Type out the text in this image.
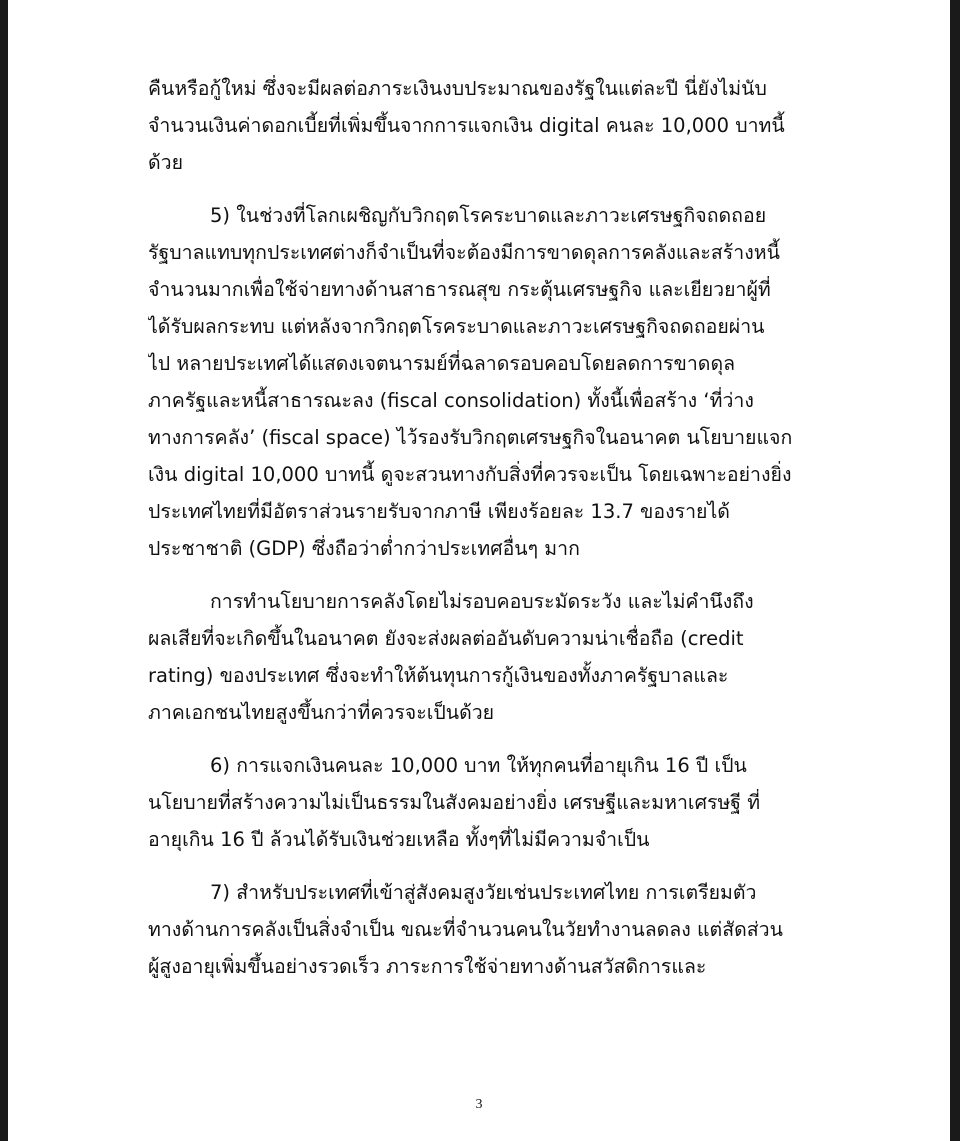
คืนหรือกู้ใหม่ ซึ่งจะมีผลต่อภาระเงินงบประมาณของรัฐในแต่ละปี นี่ยังไม่นับ

จำนวนเงินค่าดอกเบี้ยที่เพิ่มขึ้นจากการแจกเงิน digital คนละ 10,000 บาทนี้

ด้วย

5) ในช่วงที่โลกเผชิญกับวิกฤตโรคระบาดและภาวะเศรษฐกิจถดถอย

รัฐบาลแทบทุกประเทศต่างก็จำเป็นที่จะต้องมีการขาดดุลการคลังและสร้างหนี้

จำนวนมากเพื่อใช้จ่ายทางด้านสาธารณสุข กระตุ้นเศรษฐกิจ และเยียวยาผู้ที่

ได้รับผลกระทบ แต่หลังจากวิกฤตโรคระบาดและภาวะเศรษฐกิจถดถอยผ่าน

ไป หลายประเทศได้แสดงเจตนารมย์ที่ฉลาดรอบคอบโดยลดการขาดดุล

ภาครัฐและหนี้สาธารณะลง (fiscal consolidation) ทั้งนี้เพื่อสร้าง ‘ที่ว่าง

ทางการคลัง’ (fiscal space) ไว้รองรับวิกฤตเศรษฐกิจในอนาคต นโยบายแจก

เงิน digital 10,000 บาทนี้ ดูจะสวนทางกับสิ่งที่ควรจะเป็น โดยเฉพาะอย่างยิ่ง

ประเทศไทยที่มีอัตราส่วนรายรับจากภาษี เพียงร้อยละ 13.7 ของรายได้

ประชาชาติ (GDP) ซึ่งถือว่าต่ำกว่าประเทศอื่นๆ มาก

การทำนโยบายการคลังโดยไม่รอบคอบระมัดระวัง และไม่คำนึงถึง

ผลเสียที่จะเกิดขึ้นในอนาคต ยังจะส่งผลต่ออันดับความน่าเชื่อถือ (credit

rating) ของประเทศ ซึ่งจะทำให้ต้นทุนการกู้เงินของทั้งภาครัฐบาลและ

ภาคเอกชนไทยสูงขึ้นกว่าที่ควรจะเป็นด้วย

6) การแจกเงินคนละ 10,000 บาท ให้ทุกคนที่อายุเกิน 16 ปี เป็น

นโยบายที่สร้างความไม่เป็นธรรมในสังคมอย่างยิ่ง เศรษฐีและมหาเศรษฐี ที่

อายุเกิน 16 ปี ล้วนได้รับเงินช่วยเหลือ ทั้งๆที่ไม่มีความจำเป็น

7) สำหรับประเทศที่เข้าสู่สังคมสูงวัยเช่นประเทศไทย การเตรียมตัว

ทางด้านการคลังเป็นสิ่งจำเป็น ขณะที่จำนวนคนในวัยทำงานลดลง แต่สัดส่วน

ผู้สูงอายุเพิ่มขึ้นอย่างรวดเร็ว ภาระการใช้จ่ายทางด้านสวัสดิการและ

3
